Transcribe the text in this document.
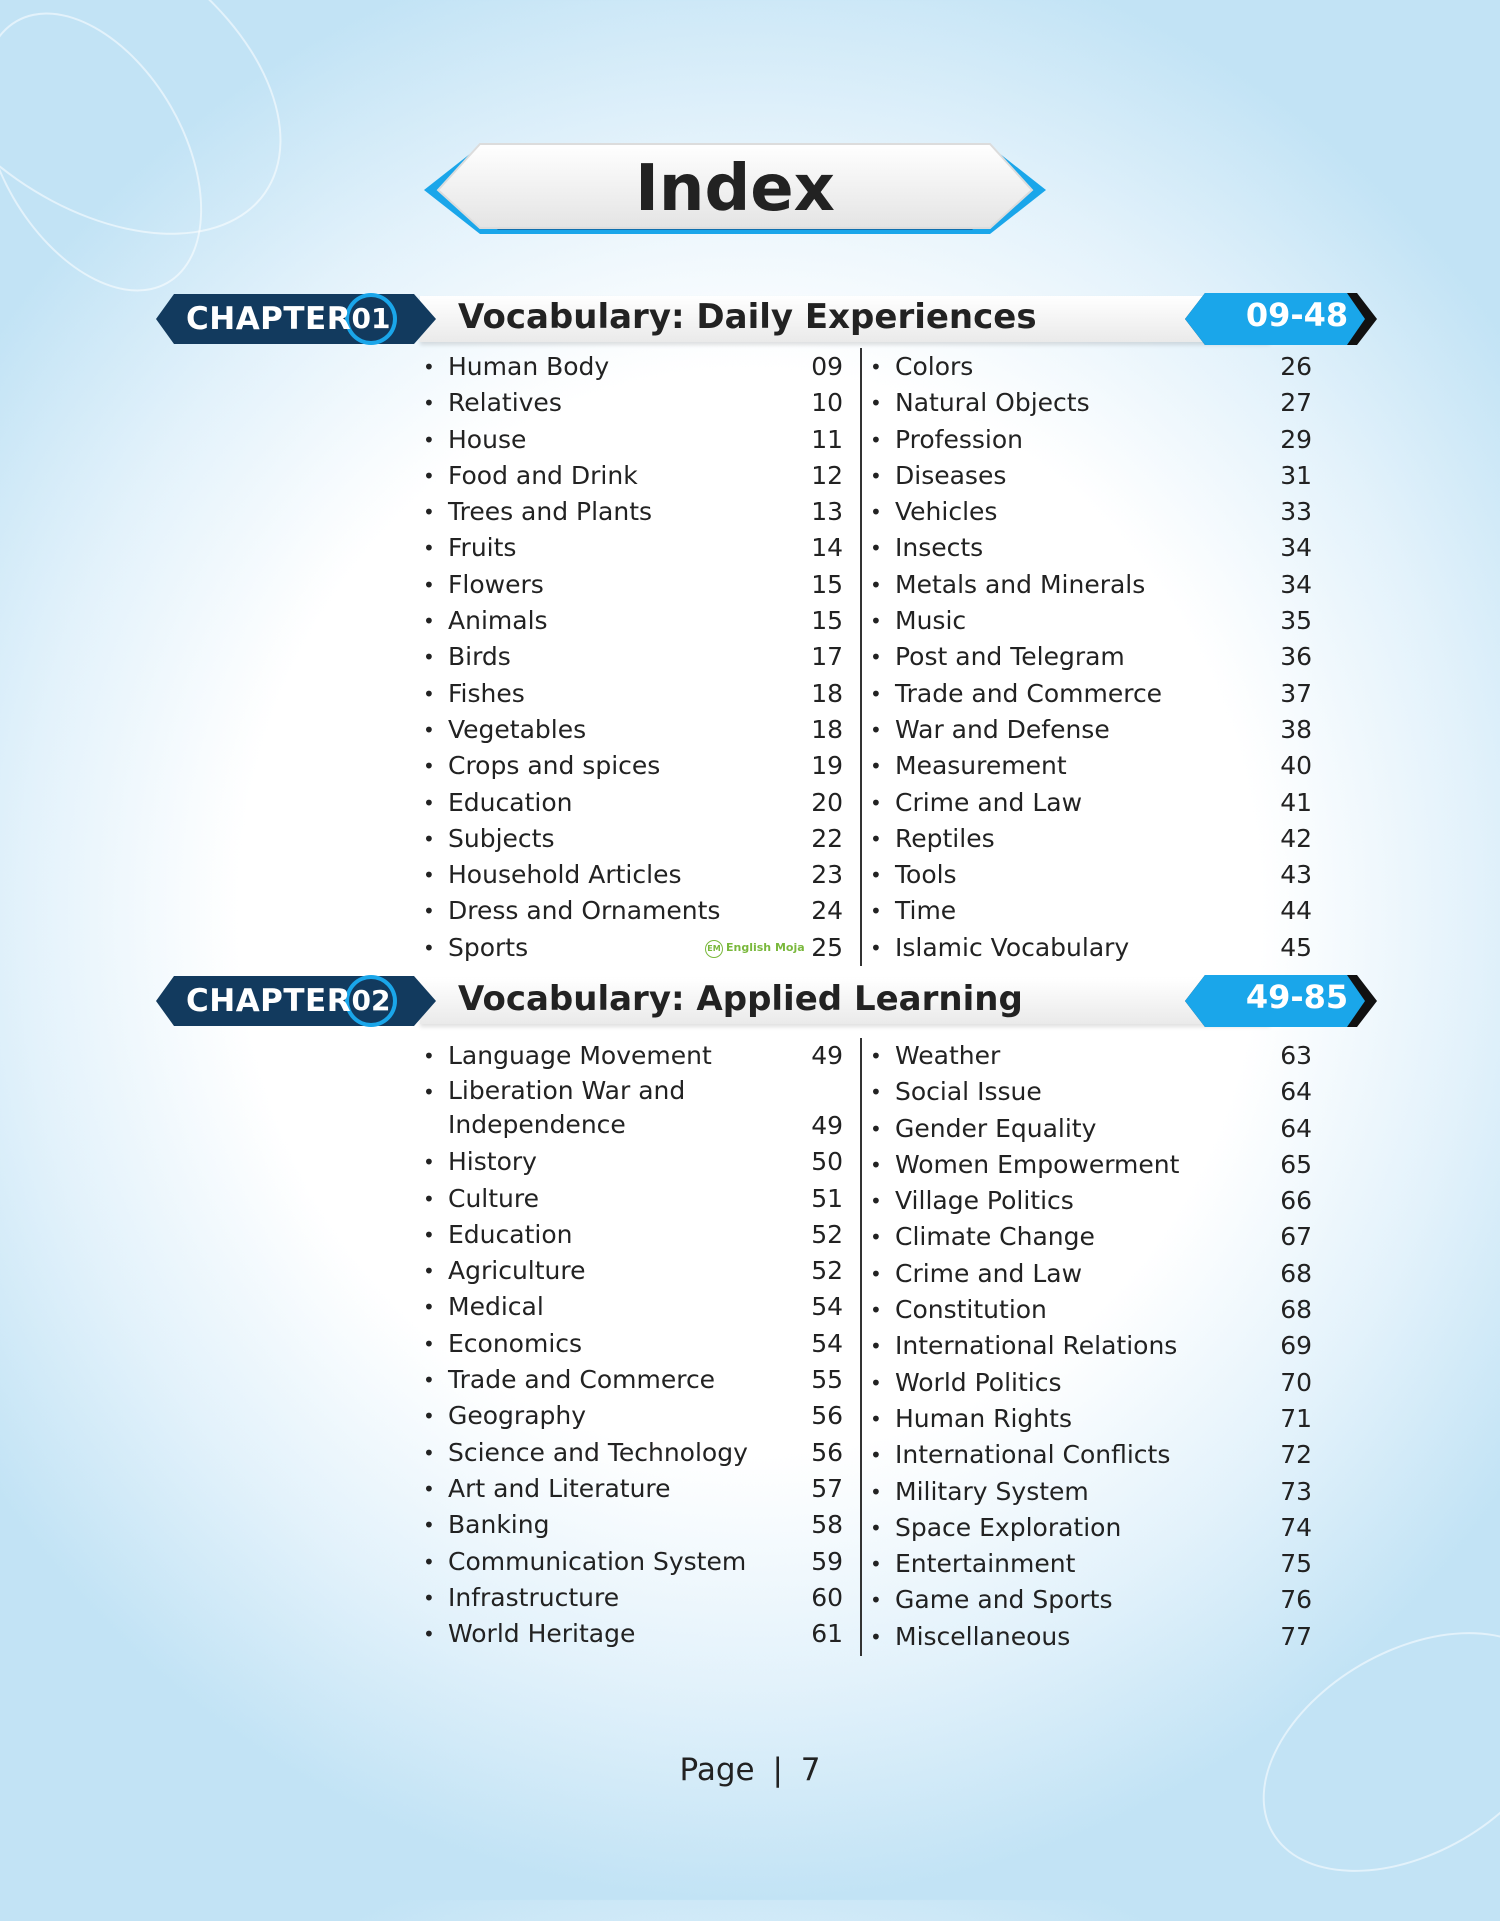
Index
CHAPTER 01 Vocabulary: Daily Experiences	09-48
• Human Body	09
• Relatives	10
• House	11
• Food and Drink	12
• Trees and Plants	13
• Fruits	14
• Flowers	15
• Animals	15
• Birds	17
• Fishes	18
• Vegetables	18
• Crops and spices	19
• Education	20
• Subjects	22
• Household Articles	23
• Dress and Ornaments	24
• Sports	25
• Colors	26
• Natural Objects	27
• Profession	29
• Diseases	31
• Vehicles	33
• Insects	34
• Metals and Minerals	34
• Music	35
• Post and Telegram	36
• Trade and Commerce	37
• War and Defense	38
• Measurement	40
• Crime and Law	41
• Reptiles	42
• Tools	43
• Time	44
• Islamic Vocabulary	45
EM English Moja
CHAPTER 02 Vocabulary: Applied Learning	49-85
• Language Movement	49
• Liberation War and Independence	49
• History	50
• Culture	51
• Education	52
• Agriculture	52
• Medical	54
• Economics	54
• Trade and Commerce	55
• Geography	56
• Science and Technology	56
• Art and Literature	57
• Banking	58
• Communication System	59
• Infrastructure	60
• World Heritage	61
• Weather	63
• Social Issue	64
• Gender Equality	64
• Women Empowerment	65
• Village Politics	66
• Climate Change	67
• Crime and Law	68
• Constitution	68
• International Relations	69
• World Politics	70
• Human Rights	71
• International Conflicts	72
• Military System	73
• Space Exploration	74
• Entertainment	75
• Game and Sports	76
• Miscellaneous	77
Page | 7
